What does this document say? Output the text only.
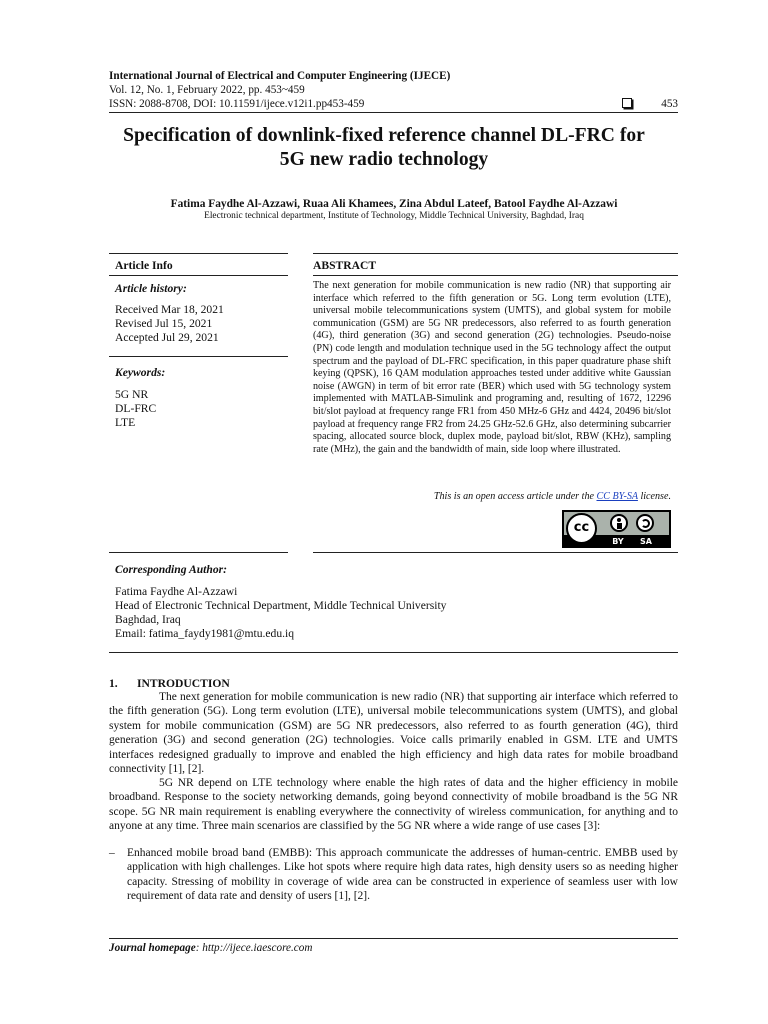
International Journal of Electrical and Computer Engineering (IJECE)
Vol. 12, No. 1, February 2022, pp. 453~459
ISSN: 2088-8708, DOI: 10.11591/ijece.v12i1.pp453-459	453
Specification of downlink-fixed reference channel DL-FRC for
5G new radio technology
Fatima Faydhe Al-Azzawi, Ruaa Ali Khamees, Zina Abdul Lateef, Batool Faydhe Al-Azzawi
Electronic technical department, Institute of Technology, Middle Technical University, Baghdad, Iraq
Article Info
Article history:
Received Mar 18, 2021
Revised Jul 15, 2021
Accepted Jul 29, 2021
Keywords:
5G NR
DL-FRC
LTE
ABSTRACT
The next generation for mobile communication is new radio (NR) that supporting air interface which referred to the fifth generation or 5G. Long term evolution (LTE), universal mobile telecommunications system (UMTS), and global system for mobile communication (GSM) are 5G NR predecessors, also referred to as fourth generation (4G), third generation (3G) and second generation (2G) technologies. Pseudo-noise (PN) code length and modulation technique used in the 5G technology affect the output spectrum and the payload of DL-FRC specification, in this paper quadrature phase shift keying (QPSK), 16 QAM modulation approaches tested under additive white Gaussian noise (AWGN) in term of bit error rate (BER) which used with 5G technology system implemented with MATLAB-Simulink and programing and, resulting of 1672, 12296 bit/slot payload at frequency range FR1 from 450 MHz-6 GHz and 4424, 20496 bit/slot payload at frequency range FR2 from 24.25 GHz-52.6 GHz, also determining subcarrier spacing, allocated source block, duplex mode, payload bit/slot, RBW (KHz), sampling rate (MHz), the gain and the bandwidth of main, side loop where illustrated.
This is an open access article under the CC BY-SA license.
cc
BY	SA
Corresponding Author:
Fatima Faydhe Al-Azzawi
Head of Electronic Technical Department, Middle Technical University
Baghdad, Iraq
Email: fatima_faydy1981@mtu.edu.iq
1. INTRODUCTION
The next generation for mobile communication is new radio (NR) that supporting air interface which referred to the fifth generation (5G). Long term evolution (LTE), universal mobile telecommunications system (UMTS), and global system for mobile communication (GSM) are 5G NR predecessors, also referred to as fourth generation (4G), third generation (3G) and second generation (2G) technologies. Voice calls primarily enabled in GSM. LTE and UMTS interfaces redesigned gradually to improve and enabled the high efficiency and high data rates for mobile broadband connectivity [1], [2].
5G NR depend on LTE technology where enable the high rates of data and the higher efficiency in mobile broadband. Response to the society networking demands, going beyond connectivity of mobile broadband is the 5G NR scope. 5G NR main requirement is enabling everywhere the connectivity of wireless communication, for anything and to anyone at any time. Three main scenarios are classified by the 5G NR where a wide range of use cases [3]:
– Enhanced mobile broad band (EMBB): This approach communicate the addresses of human-centric. EMBB used by application with high challenges. Like hot spots where require high data rates, high density users so as needing higher capacity. Stressing of mobility in coverage of wide area can be constructed in experience of seamless user with low requirement of data rate and density of users [1], [2].
Journal homepage: http://ijece.iaescore.com
